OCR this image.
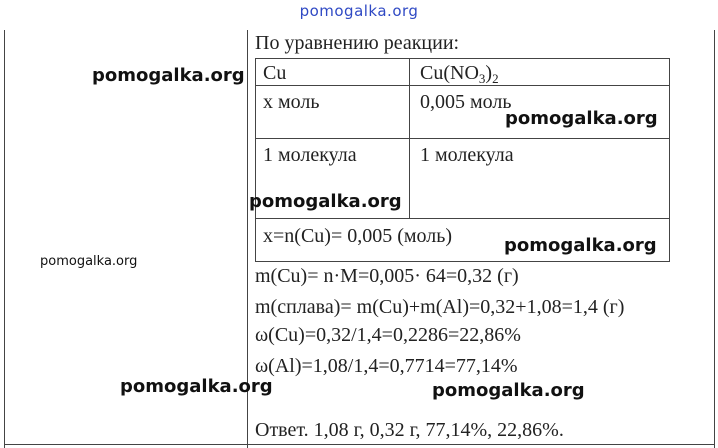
По уравнению реакции:
Cu	$Cu(NO_3)_2$
x моль	0,005 моль
1 молекула	1 молекула
x=n(Cu)= 0,005 (моль)
m(Cu)= n·M=0,005· 64=0,32 (г)
m(сплава)= m(Cu)+m(Al)=0,32+1,08=1,4 (г)
ω(Cu)=0,32/1,4=0,2286=22,86%
ω(Al)=1,08/1,4=0,7714=77,14%
Ответ. 1,08 г, 0,32 г, 77,14%, 22,86%.
pomogalka.org
pomogalka.org
pomogalka.org
pomogalka.org
pomogalka.org
pomogalka.org
pomogalka.org	pomogalka.org
